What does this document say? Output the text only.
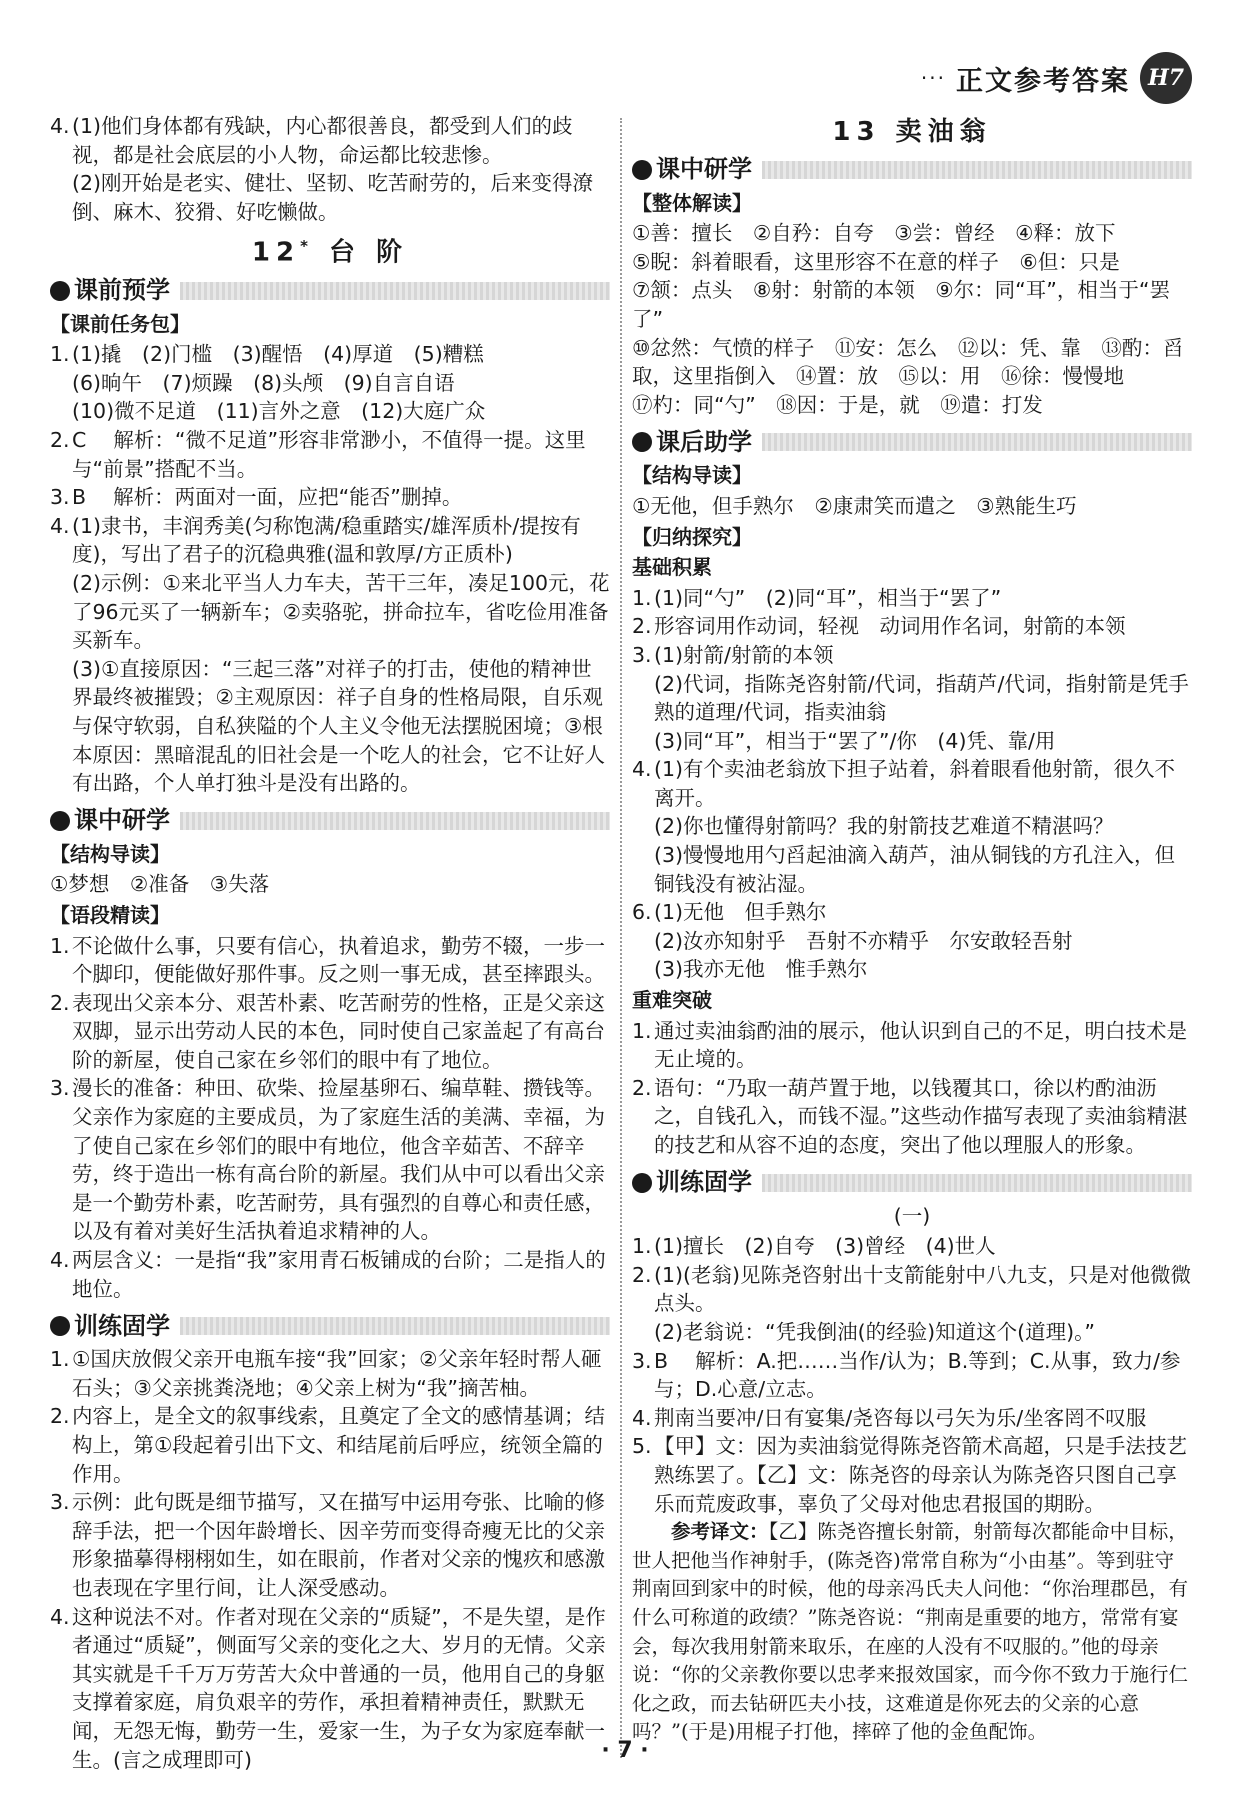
··· 正文参考答案 H7
4. (1)他们身体都有残缺，内心都很善良，都受到人们的歧视，都是社会底层的小人物，命运都比较悲惨。
(2)刚开始是老实、健壮、坚韧、吃苦耐劳的，后来变得潦倒、麻木、狡猾、好吃懒做。
12* 台 阶
课前预学
【课前任务包】
1. (1)撬　(2)门槛　(3)醒悟　(4)厚道　(5)糟糕
(6)晌午　(7)烦躁　(8)头颅　(9)自言自语
(10)微不足道　(11)言外之意　(12)大庭广众
2. C　 解析：“微不足道”形容非常渺小，不值得一提。这里与“前景”搭配不当。
3. B　 解析：两面对一面，应把“能否”删掉。
4. (1)隶书，丰润秀美(匀称饱满/稳重踏实/雄浑质朴/提按有度)，写出了君子的沉稳典雅(温和敦厚/方正质朴)
(2)示例：①来北平当人力车夫，苦干三年，凑足100元，花了96元买了一辆新车；②卖骆驼，拼命拉车，省吃俭用准备买新车。
(3)①直接原因：“三起三落”对祥子的打击，使他的精神世界最终被摧毁；②主观原因：祥子自身的性格局限，自乐观与保守软弱，自私狭隘的个人主义令他无法摆脱困境；③根本原因：黑暗混乱的旧社会是一个吃人的社会，它不让好人有出路，个人单打独斗是没有出路的。
课中研学
【结构导读】
①梦想　②准备　③失落
【语段精读】
1. 不论做什么事，只要有信心，执着追求，勤劳不辍，一步一个脚印，便能做好那件事。反之则一事无成，甚至摔跟头。
2. 表现出父亲本分、艰苦朴素、吃苦耐劳的性格，正是父亲这双脚，显示出劳动人民的本色，同时使自己家盖起了有高台阶的新屋，使自己家在乡邻们的眼中有了地位。
3. 漫长的准备：种田、砍柴、捡屋基卵石、编草鞋、攒钱等。父亲作为家庭的主要成员，为了家庭生活的美满、幸福，为了使自己家在乡邻们的眼中有地位，他含辛茹苦、不辞辛劳，终于造出一栋有高台阶的新屋。我们从中可以看出父亲是一个勤劳朴素，吃苦耐劳，具有强烈的自尊心和责任感，以及有着对美好生活执着追求精神的人。
4. 两层含义：一是指“我”家用青石板铺成的台阶；二是指人的地位。
训练固学
1. ①国庆放假父亲开电瓶车接“我”回家；②父亲年轻时帮人砸石头；③父亲挑粪浇地；④父亲上树为“我”摘苦柚。
2. 内容上，是全文的叙事线索，且奠定了全文的感情基调；结构上，第①段起着引出下文、和结尾前后呼应，统领全篇的作用。
3. 示例：此句既是细节描写，又在描写中运用夸张、比喻的修辞手法，把一个因年龄增长、因辛劳而变得奇瘦无比的父亲形象描摹得栩栩如生，如在眼前，作者对父亲的愧疚和感激也表现在字里行间，让人深受感动。
4. 这种说法不对。作者对现在父亲的“质疑”，不是失望，是作者通过“质疑”，侧面写父亲的变化之大、岁月的无情。父亲其实就是千千万万劳苦大众中普通的一员，他用自己的身躯支撑着家庭，肩负艰辛的劳作，承担着精神责任，默默无闻，无怨无悔，勤劳一生，爱家一生，为子女为家庭奉献一生。(言之成理即可)
13 卖油翁
课中研学
【整体解读】
①善：擅长　②自矜：自夸　③尝：曾经　④释：放下
⑤睨：斜着眼看，这里形容不在意的样子　⑥但：只是
⑦颔：点头　⑧射：射箭的本领　⑨尔：同“耳”，相当于“罢了”
⑩忿然：气愤的样子　⑪安：怎么　⑫以：凭、靠　⑬酌：舀取，这里指倒入　⑭置：放　⑮以：用　⑯徐：慢慢地
⑰杓：同“勺”　⑱因：于是，就　⑲遣：打发
课后助学
【结构导读】
①无他，但手熟尔　②康肃笑而遣之　③熟能生巧
【归纳探究】
基础积累
1. (1)同“勺”　(2)同“耳”，相当于“罢了”
2. 形容词用作动词，轻视　动词用作名词，射箭的本领
3. (1)射箭/射箭的本领
(2)代词，指陈尧咨射箭/代词，指葫芦/代词，指射箭是凭手熟的道理/代词，指卖油翁
(3)同“耳”，相当于“罢了”/你　(4)凭、靠/用
4. (1)有个卖油老翁放下担子站着，斜着眼看他射箭，很久不离开。
(2)你也懂得射箭吗？我的射箭技艺难道不精湛吗？
(3)慢慢地用勺舀起油滴入葫芦，油从铜钱的方孔注入，但铜钱没有被沾湿。
6. (1)无他　但手熟尔
(2)汝亦知射乎　吾射不亦精乎　尔安敢轻吾射
(3)我亦无他　惟手熟尔
重难突破
1. 通过卖油翁酌油的展示，他认识到自己的不足，明白技术是无止境的。
2. 语句：“乃取一葫芦置于地，以钱覆其口，徐以杓酌油沥之，自钱孔入，而钱不湿。”这些动作描写表现了卖油翁精湛的技艺和从容不迫的态度，突出了他以理服人的形象。
训练固学
(一)
1. (1)擅长　(2)自夸　(3)曾经　(4)世人
2. (1)(老翁)见陈尧咨射出十支箭能射中八九支，只是对他微微点头。
(2)老翁说：“凭我倒油(的经验)知道这个(道理)。”
3. B　 解析：A.把……当作/认为；B.等到；C.从事，致力/参与；D.心意/立志。
4. 荆南当要冲/日有宴集/尧咨每以弓矢为乐/坐客罔不叹服
5. 【甲】文：因为卖油翁觉得陈尧咨箭术高超，只是手法技艺熟练罢了。【乙】文：陈尧咨的母亲认为陈尧咨只图自己享乐而荒废政事，辜负了父母对他忠君报国的期盼。
参考译文：【乙】陈尧咨擅长射箭，射箭每次都能命中目标，世人把他当作神射手，(陈尧咨)常常自称为“小由基”。等到驻守荆南回到家中的时候，他的母亲冯氏夫人问他：“你治理郡邑，有什么可称道的政绩？”陈尧咨说：“荆南是重要的地方，常常有宴会，每次我用射箭来取乐，在座的人没有不叹服的。”他的母亲说：“你的父亲教你要以忠孝来报效国家，而今你不致力于施行仁化之政，而去钻研匹夫小技，这难道是你死去的父亲的心意吗？”(于是)用棍子打他，摔碎了他的金鱼配饰。
· 7 ·
